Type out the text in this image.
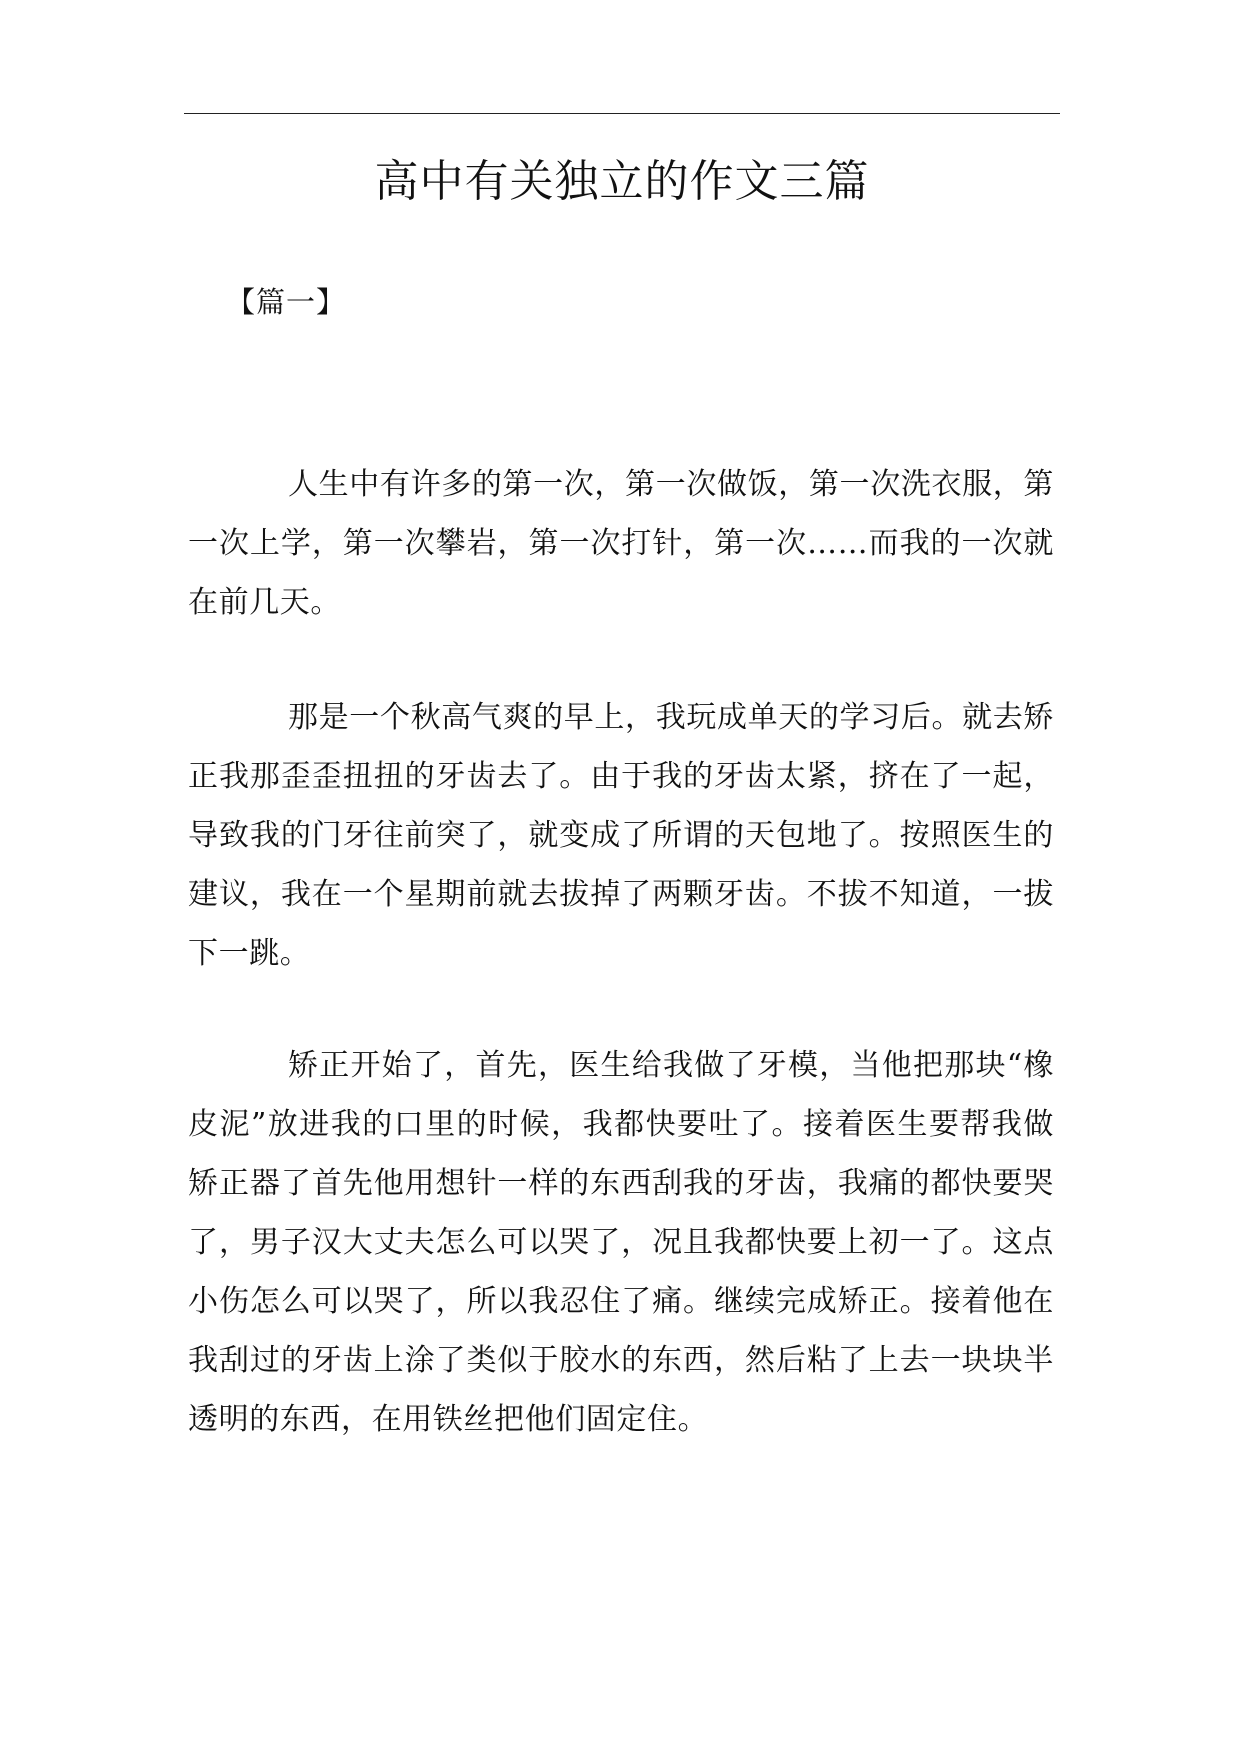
高中有关独立的作文三篇
【篇一】

人生中有许多的第一次，第一次做饭，第一次洗衣服，第一次上学，第一次攀岩，第一次打针，第一次……而我的一次就在前几天。

那是一个秋高气爽的早上，我玩成单天的学习后。就去矫正我那歪歪扭扭的牙齿去了。由于我的牙齿太紧，挤在了一起，导致我的门牙往前突了，就变成了所谓的天包地了。按照医生的建议，我在一个星期前就去拔掉了两颗牙齿。不拔不知道，一拔下一跳。

矫正开始了，首先，医生给我做了牙模，当他把那块“橡皮泥”放进我的口里的时候，我都快要吐了。接着医生要帮我做矫正器了首先他用想针一样的东西刮我的牙齿，我痛的都快要哭了，男子汉大丈夫怎么可以哭了，况且我都快要上初一了。这点小伤怎么可以哭了，所以我忍住了痛。继续完成矫正。接着他在我刮过的牙齿上涂了类似于胶水的东西，然后粘了上去一块块半透明的东西，在用铁丝把他们固定住。
